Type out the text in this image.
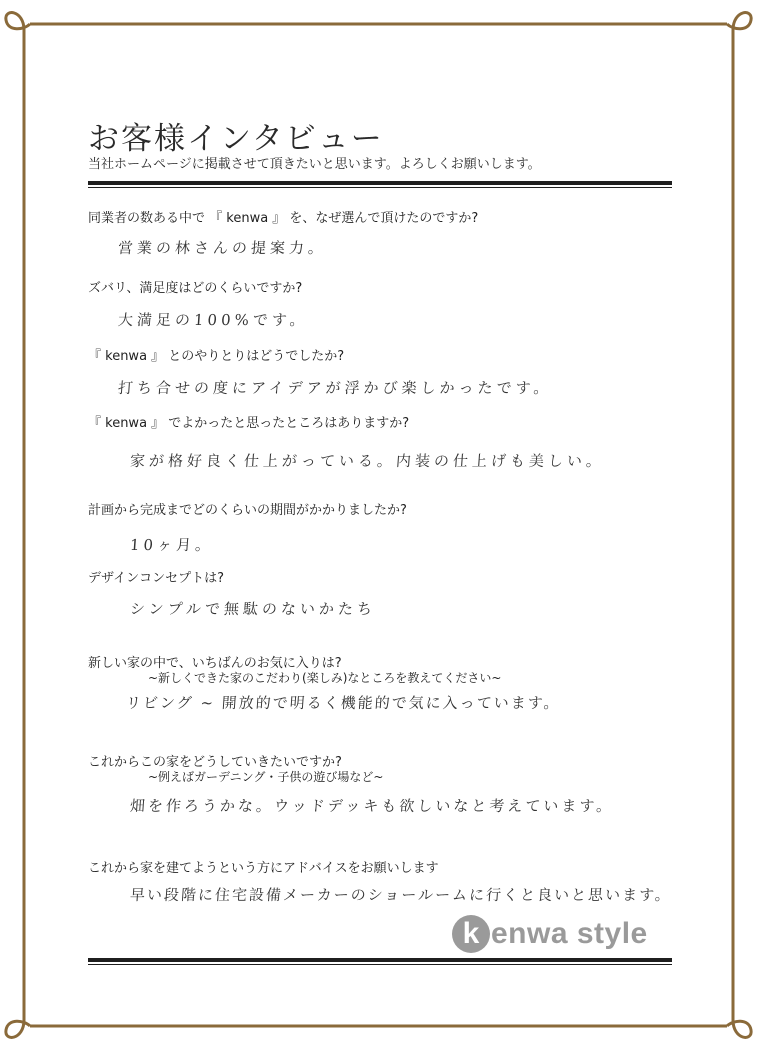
お客様インタビュー
当社ホームページに掲載させて頂きたいと思います。よろしくお願いします。
同業者の数ある中で 『 kenwa 』 を、なぜ選んで頂けたのですか?
営業の林さんの提案力。
ズバリ、満足度はどのくらいですか?
大満足の100%です。
『 kenwa 』 とのやりとりはどうでしたか?
打ち合せの度にアイデアが浮かび楽しかったです。
『 kenwa 』 でよかったと思ったところはありますか?
家が格好良く仕上がっている。内装の仕上げも美しい。
計画から完成までどのくらいの期間がかかりましたか?
10ヶ月。
デザインコンセプトは?
シンプルで無駄のないかたち
新しい家の中で、いちばんのお気に入りは?
~新しくできた家のこだわり(楽しみ)なところを教えてください~
リビング ~ 開放的で明るく機能的で気に入っています。
これからこの家をどうしていきたいですか?
~例えばガーデニング・子供の遊び場など~
畑を作ろうかな。ウッドデッキも欲しいなと考えています。
これから家を建てようという方にアドバイスをお願いします
早い段階に住宅設備メーカーのショールームに行くと良いと思います。
k enwa style
